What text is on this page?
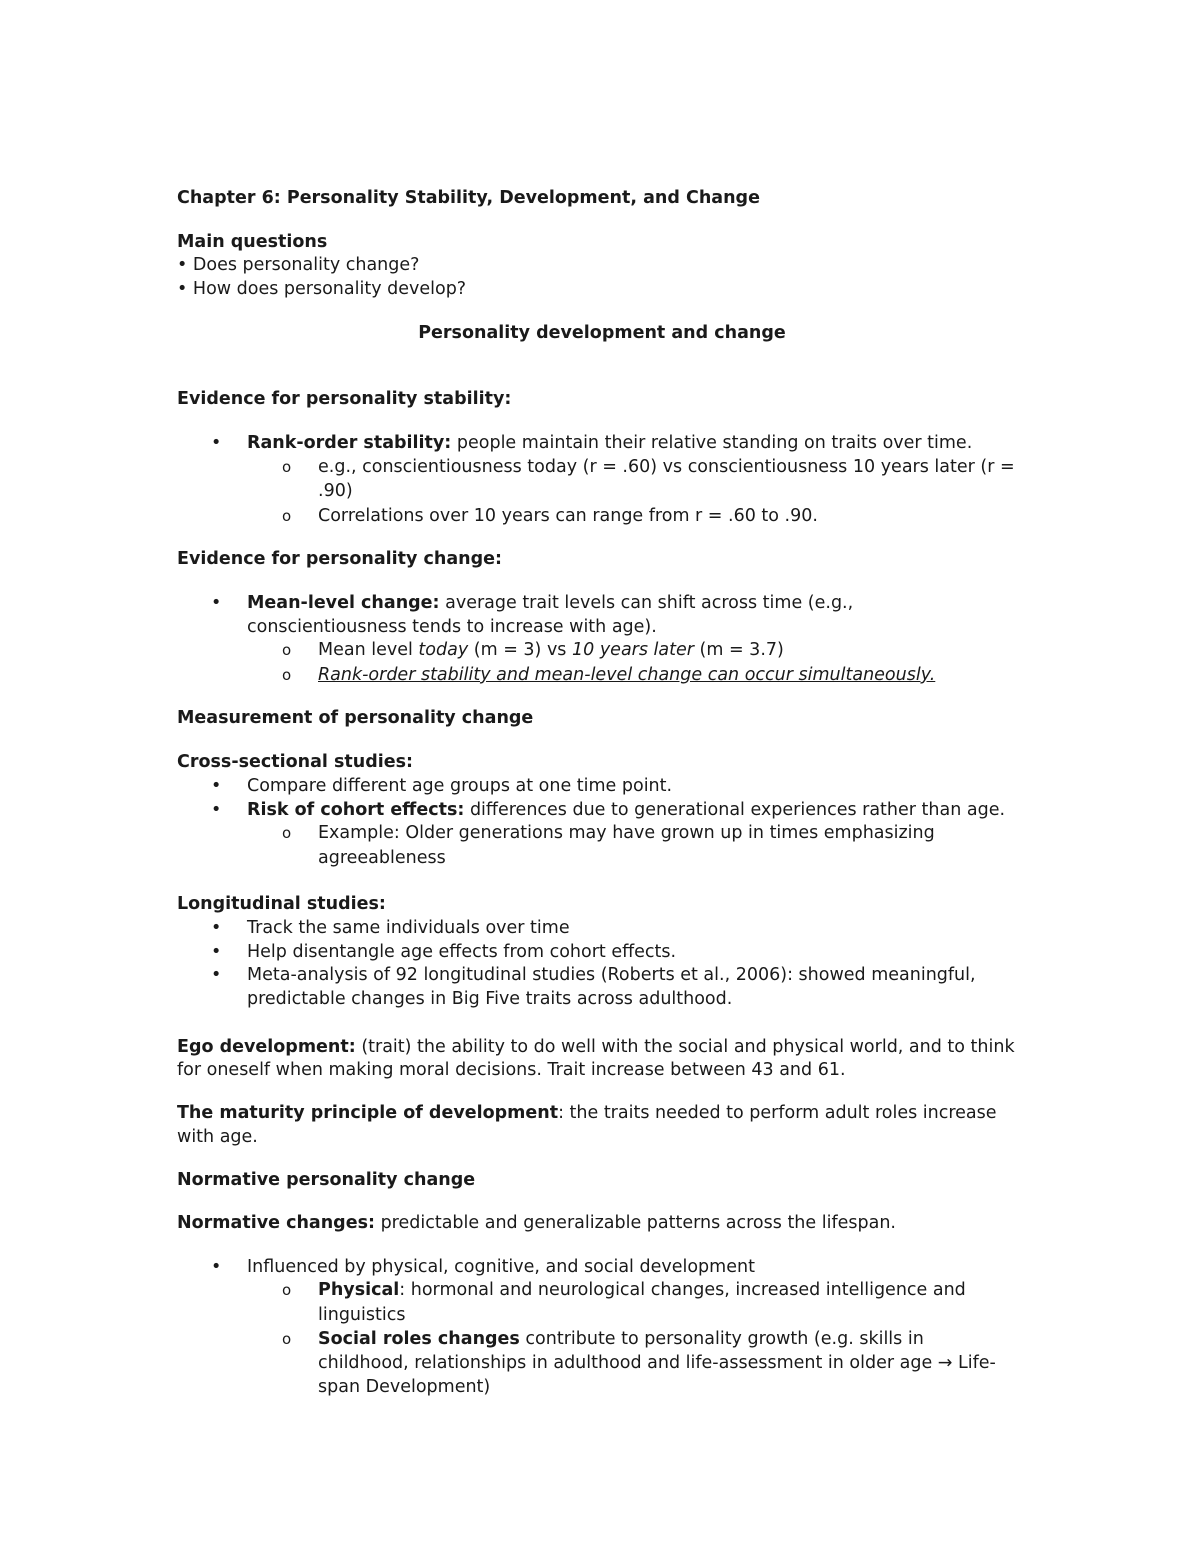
Chapter 6: Personality Stability, Development, and Change
Main questions
• Does personality change?
• How does personality develop?
Personality development and change
Evidence for personality stability:
• Rank-order stability: people maintain their relative standing on traits over time.
o e.g., conscientiousness today (r = .60) vs conscientiousness 10 years later (r =
.90)
o Correlations over 10 years can range from r = .60 to .90.
Evidence for personality change:
• Mean-level change: average trait levels can shift across time (e.g.,
conscientiousness tends to increase with age).
o Mean level today (m = 3) vs 10 years later (m = 3.7)
o Rank-order stability and mean-level change can occur simultaneously.
Measurement of personality change
Cross-sectional studies:
• Compare different age groups at one time point.
• Risk of cohort effects: differences due to generational experiences rather than age.
o Example: Older generations may have grown up in times emphasizing
agreeableness
Longitudinal studies:
• Track the same individuals over time
• Help disentangle age effects from cohort effects.
• Meta-analysis of 92 longitudinal studies (Roberts et al., 2006): showed meaningful,
predictable changes in Big Five traits across adulthood.
Ego development: (trait) the ability to do well with the social and physical world, and to think
for oneself when making moral decisions. Trait increase between 43 and 61.
The maturity principle of development: the traits needed to perform adult roles increase
with age.
Normative personality change
Normative changes: predictable and generalizable patterns across the lifespan.
• Influenced by physical, cognitive, and social development
o Physical: hormonal and neurological changes, increased intelligence and
linguistics
o Social roles changes contribute to personality growth (e.g. skills in
childhood, relationships in adulthood and life-assessment in older age → Life-
span Development)
